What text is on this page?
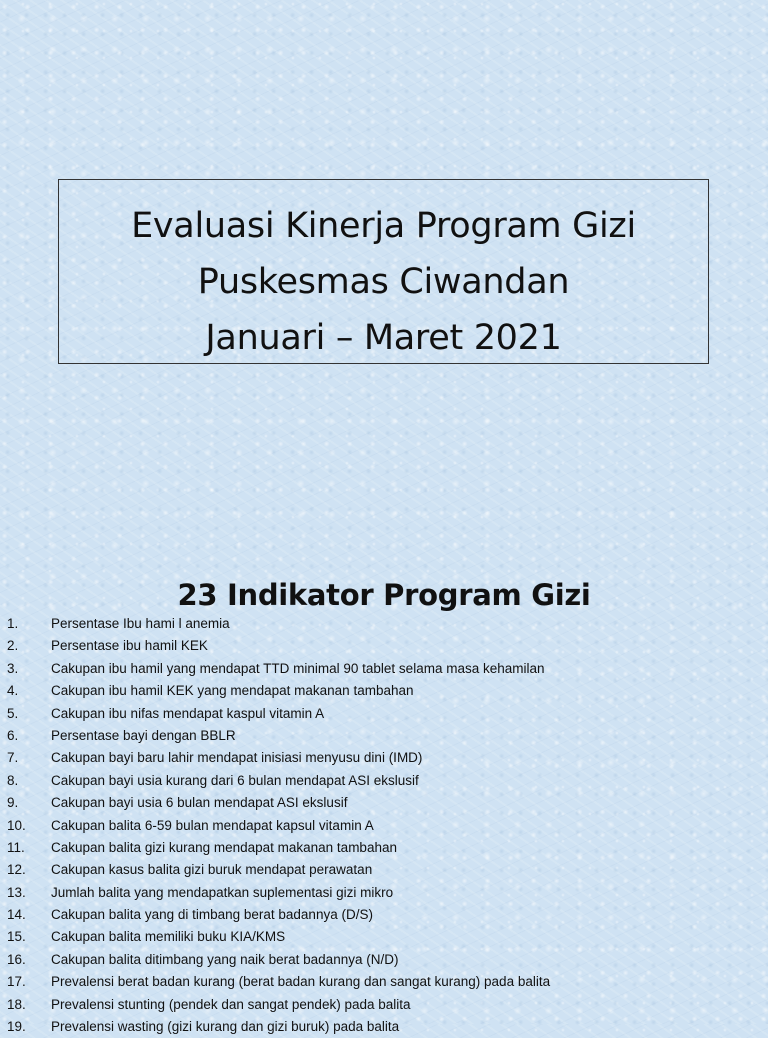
Evaluasi Kinerja Program Gizi
Puskesmas Ciwandan
Januari – Maret 2021
23 Indikator Program Gizi
1. Persentase Ibu hami l anemia
2. Persentase ibu hamil KEK
3. Cakupan ibu hamil yang mendapat TTD minimal 90 tablet selama masa kehamilan
4. Cakupan ibu hamil KEK yang mendapat makanan tambahan
5. Cakupan ibu nifas mendapat kaspul vitamin A
6. Persentase bayi dengan BBLR
7. Cakupan bayi baru lahir mendapat inisiasi menyusu dini (IMD)
8. Cakupan bayi usia kurang dari 6 bulan mendapat ASI ekslusif
9. Cakupan bayi usia 6 bulan mendapat ASI ekslusif
10. Cakupan balita 6-59 bulan mendapat kapsul vitamin A
11. Cakupan balita gizi kurang mendapat makanan tambahan
12. Cakupan kasus balita gizi buruk mendapat perawatan
13. Jumlah balita yang mendapatkan suplementasi gizi mikro
14. Cakupan balita yang di timbang berat badannya (D/S)
15. Cakupan balita memiliki buku KIA/KMS
16. Cakupan balita ditimbang yang naik berat badannya (N/D)
17. Prevalensi berat badan kurang (berat badan kurang dan sangat kurang) pada balita
18. Prevalensi stunting (pendek dan sangat pendek) pada balita
19. Prevalensi wasting (gizi kurang dan gizi buruk) pada balita
